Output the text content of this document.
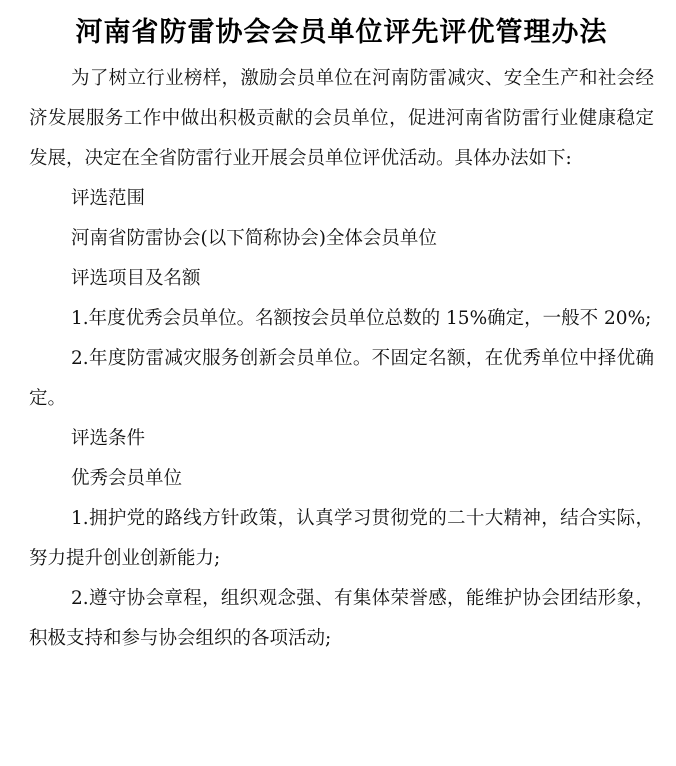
河南省防雷协会会员单位评先评优管理办法

为了树立行业榜样，激励会员单位在河南防雷减灾、安全生产和社会经济发展服务工作中做出积极贡献的会员单位，促进河南省防雷行业健康稳定发展，决定在全省防雷行业开展会员单位评优活动。具体办法如下:

评选范围

河南省防雷协会(以下简称协会)全体会员单位

评选项目及名额

1.年度优秀会员单位。名额按会员单位总数的 15%确定，一般不 20%;

2.年度防雷减灾服务创新会员单位。不固定名额，在优秀单位中择优确定。

评选条件

优秀会员单位

1.拥护党的路线方针政策，认真学习贯彻党的二十大精神，结合实际，努力提升创业创新能力;

2.遵守协会章程，组织观念强、有集体荣誉感，能维护协会团结形象，积极支持和参与协会组织的各项活动;
